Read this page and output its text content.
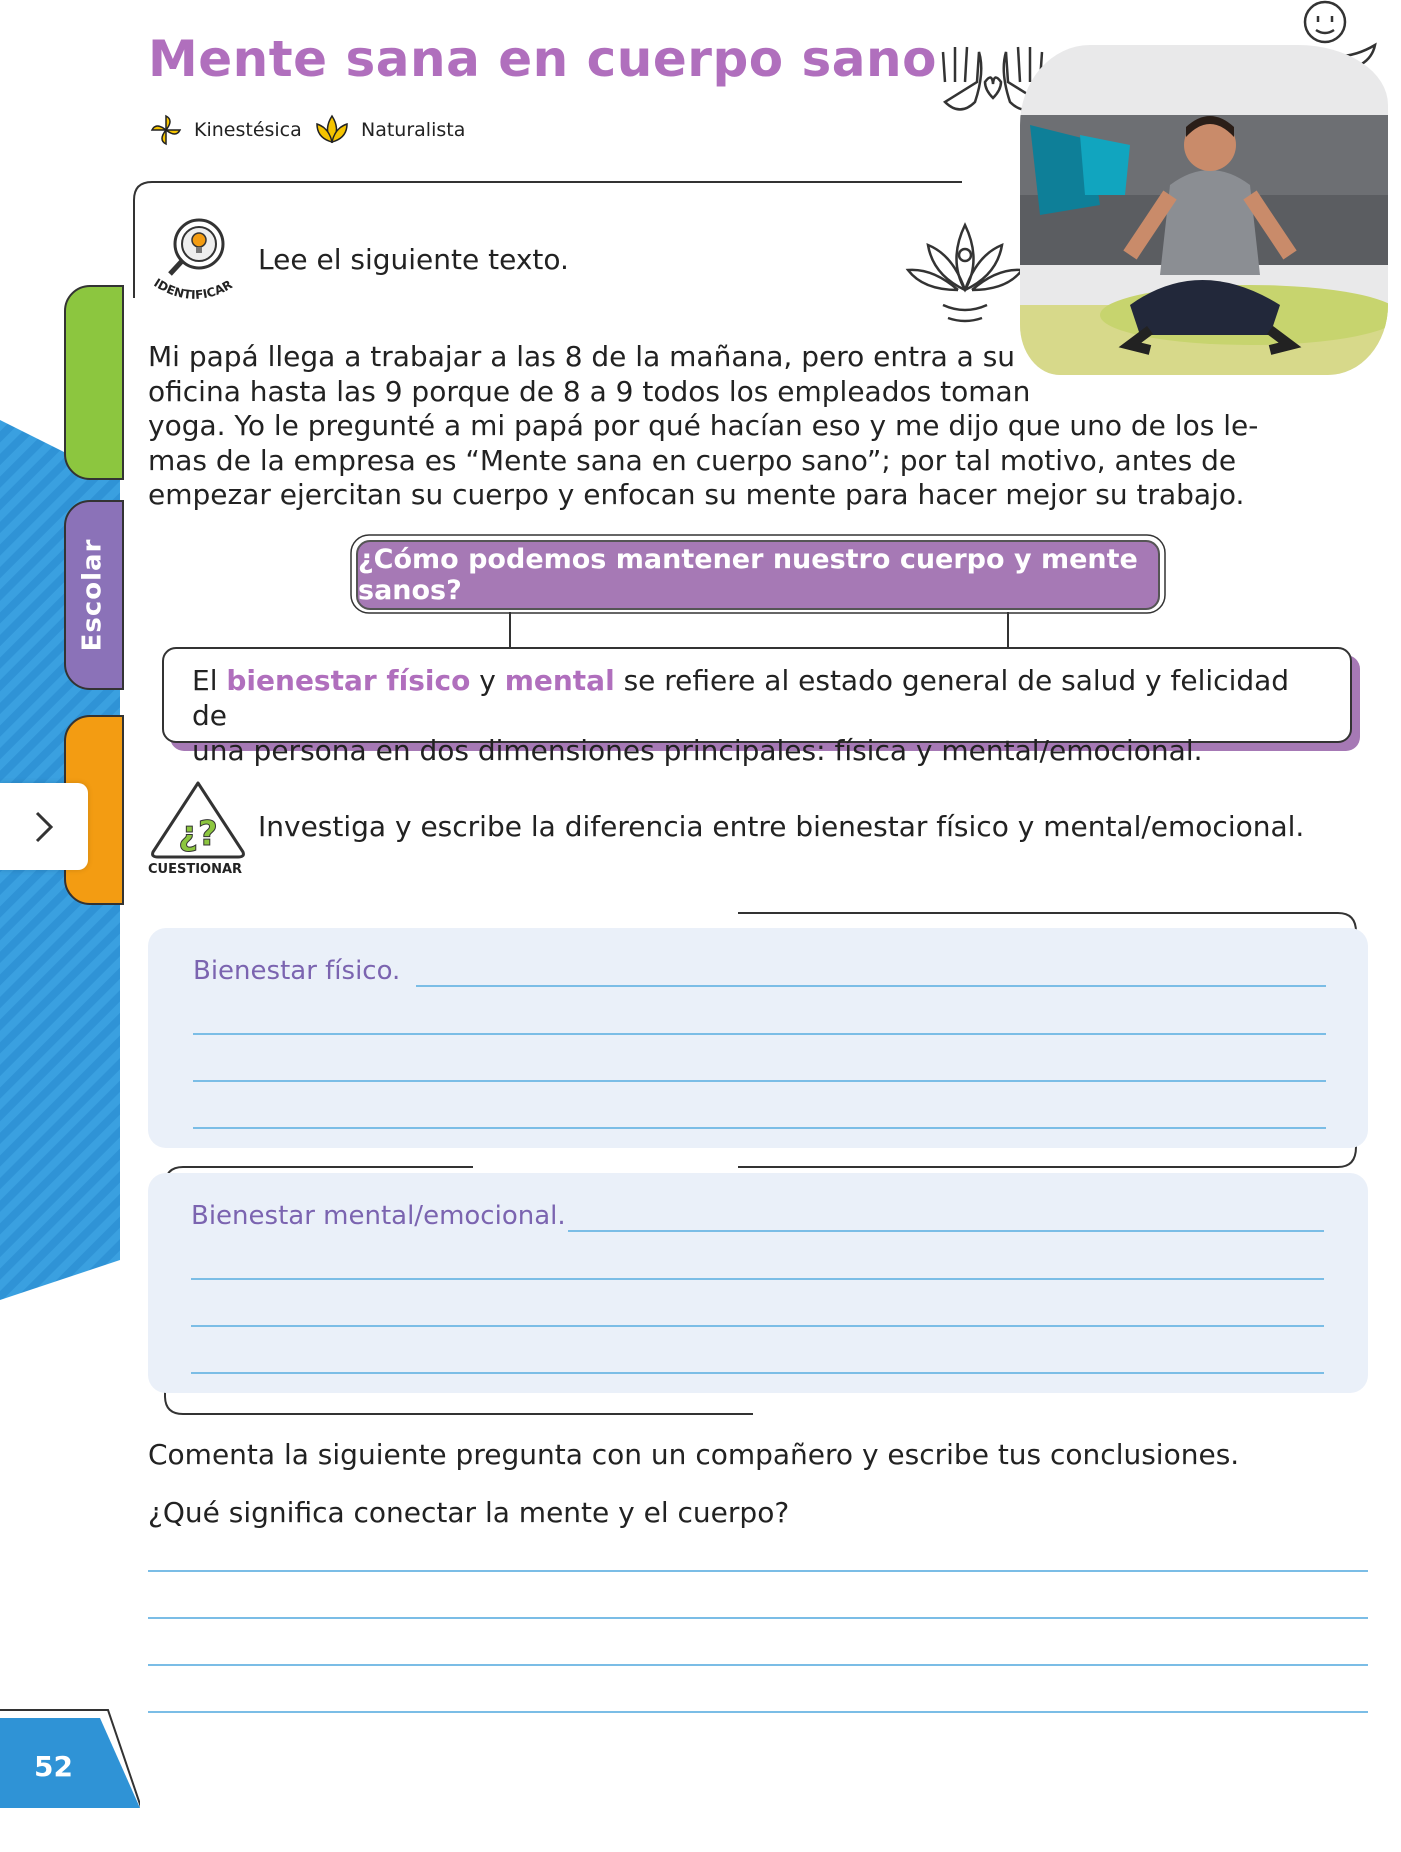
Escolar
Mente sana en cuerpo sano
Kinestésica	Naturalista
IDENTIFICAR
Lee el siguiente texto.
Mi papá llega a trabajar a las 8 de la mañana, pero entra a su
oficina hasta las 9 porque de 8 a 9 todos los empleados toman
yoga. Yo le pregunté a mi papá por qué hacían eso y me dijo que uno de los le-
mas de la empresa es “Mente sana en cuerpo sano”; por tal motivo, antes de
empezar ejercitan su cuerpo y enfocan su mente para hacer mejor su trabajo.
¿Cómo podemos mantener nuestro cuerpo y mente sanos?
El bienestar físico y mental se refiere al estado general de salud y felicidad de
una persona en dos dimensiones principales: física y mental/emocional.
¿?
CUESTIONAR
Investiga y escribe la diferencia entre bienestar físico y mental/emocional.
Bienestar físico.
Bienestar mental/emocional.
Comenta la siguiente pregunta con un compañero y escribe tus conclusiones.
¿Qué significa conectar la mente y el cuerpo?
52
